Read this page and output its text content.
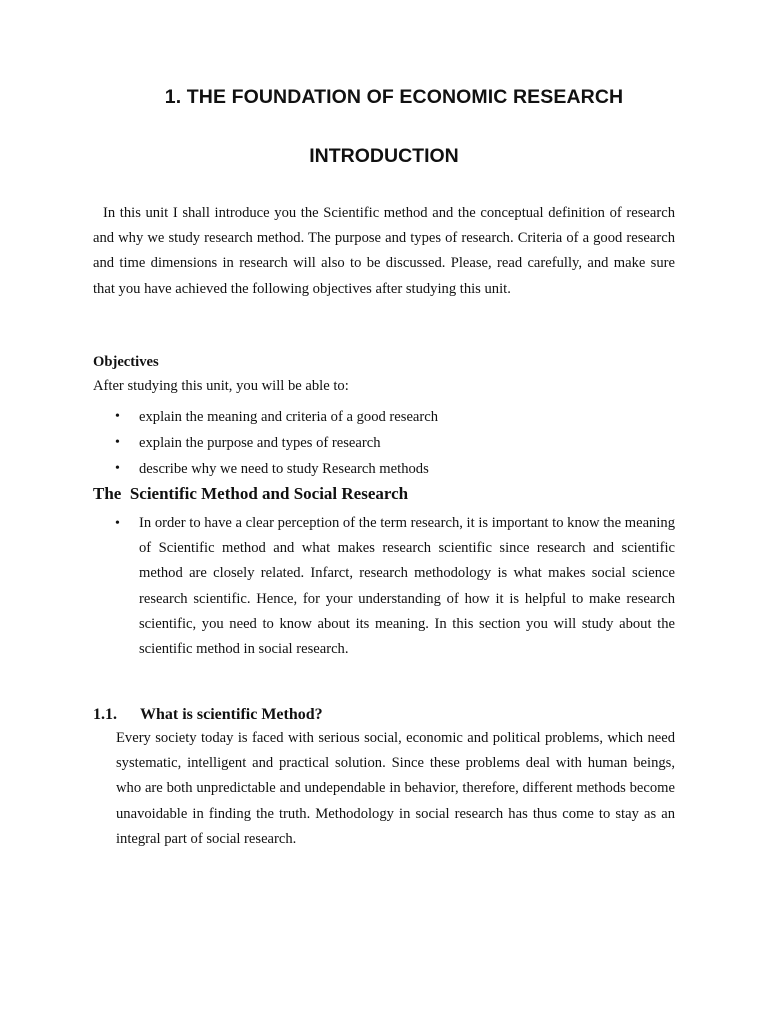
1. THE FOUNDATION OF ECONOMIC RESEARCH
INTRODUCTION

In this unit I shall introduce you the Scientific method and the conceptual definition of research and why we study research method. The purpose and types of research. Criteria of a good research and time dimensions in research will also to be discussed. Please, read carefully, and make sure that you have achieved the following objectives after studying this unit.

Objectives
After studying this unit, you will be able to:
• explain the meaning and criteria of a good research
• explain the purpose and types of research
• describe why we need to study Research methods
The  Scientific Method and Social Research
• In order to have a clear perception of the term research, it is important to know the meaning of Scientific method and what makes research scientific since research and scientific method are closely related. Infarct, research methodology is what makes social science research scientific. Hence, for your understanding of how it is helpful to make research scientific, you need to know about its meaning. In this section you will study about the scientific method in social research.

1.1. What is scientific Method?

Every society today is faced with serious social, economic and political problems, which need systematic, intelligent and practical solution. Since these problems deal with human beings, who are both unpredictable and undependable in behavior, therefore, different methods become unavoidable in finding the truth. Methodology in social research has thus come to stay as an integral part of social research.
